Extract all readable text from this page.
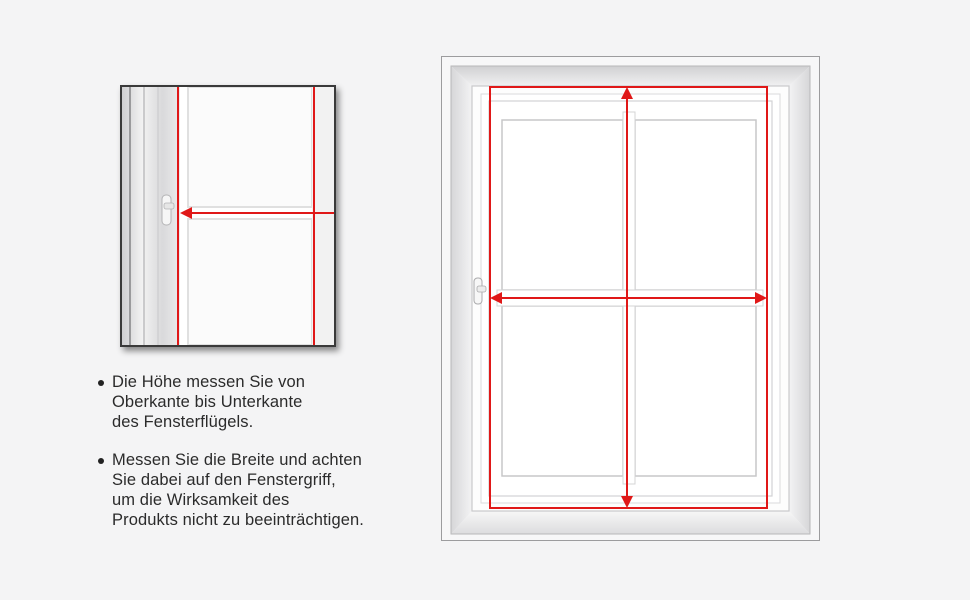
Die Höhe messen Sie von
Oberkante bis Unterkante
des Fensterflügels.
Messen Sie die Breite und achten
Sie dabei auf den Fenstergriff,
um die Wirksamkeit des
Produkts nicht zu beeinträchtigen.
